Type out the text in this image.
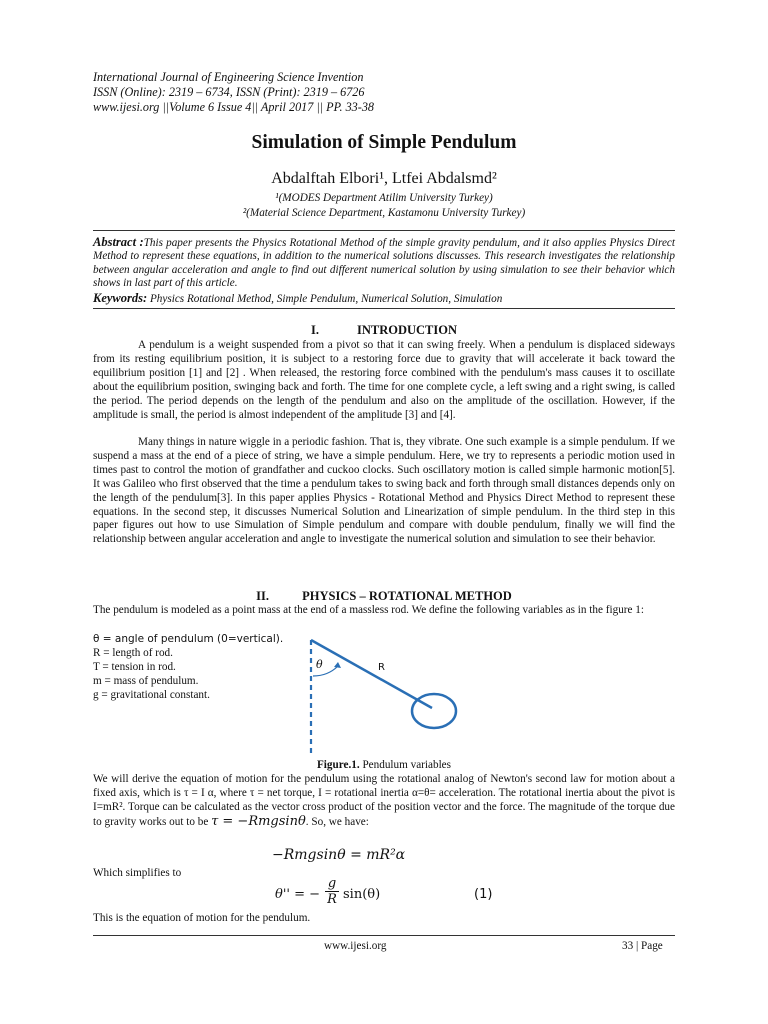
International Journal of Engineering Science Invention
ISSN (Online): 2319 – 6734, ISSN (Print): 2319 – 6726
www.ijesi.org ||Volume 6 Issue 4|| April 2017 || PP. 33-38
Simulation of Simple Pendulum
Abdalftah Elbori¹, Ltfei Abdalsmd²
¹(MODES Department Atilim University Turkey)
²(Material Science Department, Kastamonu University Turkey)
Abstract :This paper presents the Physics Rotational Method of the simple gravity pendulum, and it also applies Physics Direct Method to represent these equations, in addition to the numerical solutions discusses. This research investigates the relationship between angular acceleration and angle to find out different numerical solution by using simulation to see their behavior which shows in last part of this article.
Keywords: Physics Rotational Method, Simple Pendulum, Numerical Solution, Simulation
I.	INTRODUCTION
A pendulum is a weight suspended from a pivot so that it can swing freely. When a pendulum is displaced sideways from its resting equilibrium position, it is subject to a restoring force due to gravity that will accelerate it back toward the equilibrium position [1] and [2] . When released, the restoring force combined with the pendulum's mass causes it to oscillate about the equilibrium position, swinging back and forth. The time for one complete cycle, a left swing and a right swing, is called the period. The period depends on the length of the pendulum and also on the amplitude of the oscillation. However, if the amplitude is small, the period is almost independent of the amplitude [3] and [4].
Many things in nature wiggle in a periodic fashion. That is, they vibrate. One such example is a simple pendulum. If we suspend a mass at the end of a piece of string, we have a simple pendulum. Here, we try to represents a periodic motion used in times past to control the motion of grandfather and cuckoo clocks. Such oscillatory motion is called simple harmonic motion[5]. It was Galileo who first observed that the time a pendulum takes to swing back and forth through small distances depends only on the length of the pendulum[3]. In this paper applies Physics - Rotational Method and Physics Direct Method to represent these equations. In the second step, it discusses Numerical Solution and Linearization of simple pendulum. In the third step in this paper figures out how to use Simulation of Simple pendulum and compare with double pendulum, finally we will find the relationship between angular acceleration and angle to investigate the numerical solution and simulation to see their behavior.
II.	PHYSICS – ROTATIONAL METHOD
The pendulum is modeled as a point mass at the end of a massless rod. We define the following variables as in the figure 1:
θ = angle of pendulum (0=vertical).
R = length of rod.
T = tension in rod.
m = mass of pendulum.
g = gravitational constant.
θ	R
Figure.1. Pendulum variables
We will derive the equation of motion for the pendulum using the rotational analog of Newton's second law for motion about a fixed axis, which is τ = I α, where τ = net torque, I = rotational inertia α=θ= acceleration. The rotational inertia about the pivot is I=mR². Torque can be calculated as the vector cross product of the position vector and the force. The magnitude of the torque due to gravity works out to be τ = −Rmgsinθ. So, we have:
−Rmgsinθ = mR²α
Which simplifies to
θ'' = − $\frac{g}{R} \sin(\theta)$	(1)
This is the equation of motion for the pendulum.
www.ijesi.org	33 | Page
